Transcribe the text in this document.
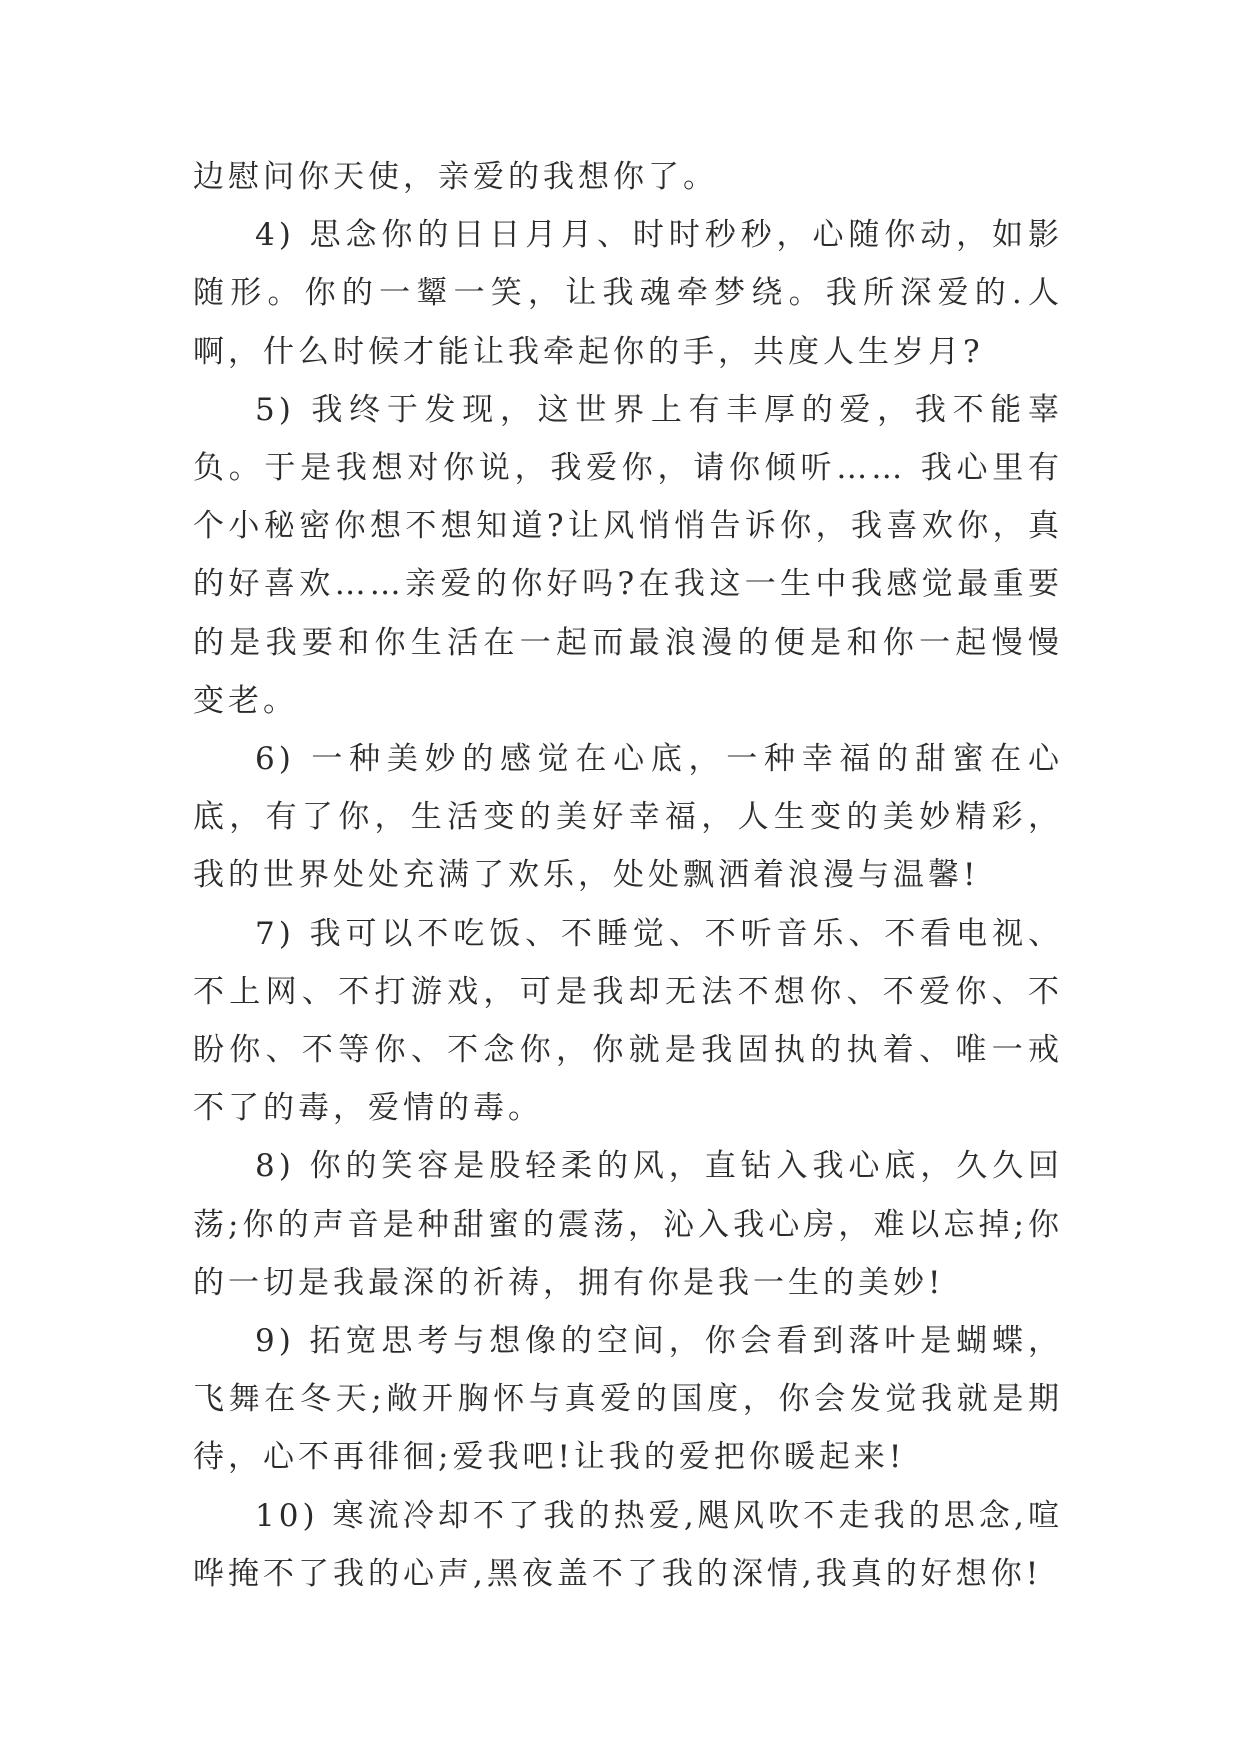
边慰问你天使，亲爱的我想你了。

4) 思念你的日日月月、时时秒秒，心随你动，如影随形。你的一颦一笑，让我魂牵梦绕。我所深爱的.人啊，什么时候才能让我牵起你的手，共度人生岁月?

5) 我终于发现，这世界上有丰厚的爱，我不能辜负。于是我想对你说，我爱你，请你倾听…… 我心里有个小秘密你想不想知道?让风悄悄告诉你，我喜欢你，真的好喜欢……亲爱的你好吗?在我这一生中我感觉最重要的是我要和你生活在一起而最浪漫的便是和你一起慢慢变老。

6) 一种美妙的感觉在心底，一种幸福的甜蜜在心底，有了你，生活变的美好幸福，人生变的美妙精彩，我的世界处处充满了欢乐，处处飘洒着浪漫与温馨!

7) 我可以不吃饭、不睡觉、不听音乐、不看电视、不上网、不打游戏，可是我却无法不想你、不爱你、不盼你、不等你、不念你，你就是我固执的执着、唯一戒不了的毒，爱情的毒。

8) 你的笑容是股轻柔的风，直钻入我心底，久久回荡;你的声音是种甜蜜的震荡，沁入我心房，难以忘掉;你的一切是我最深的祈祷，拥有你是我一生的美妙!

9) 拓宽思考与想像的空间，你会看到落叶是蝴蝶，飞舞在冬天;敞开胸怀与真爱的国度，你会发觉我就是期待，心不再徘徊;爱我吧!让我的爱把你暖起来!

10) 寒流冷却不了我的热爱,飓风吹不走我的思念,喧哗掩不了我的心声,黑夜盖不了我的深情,我真的好想你!
